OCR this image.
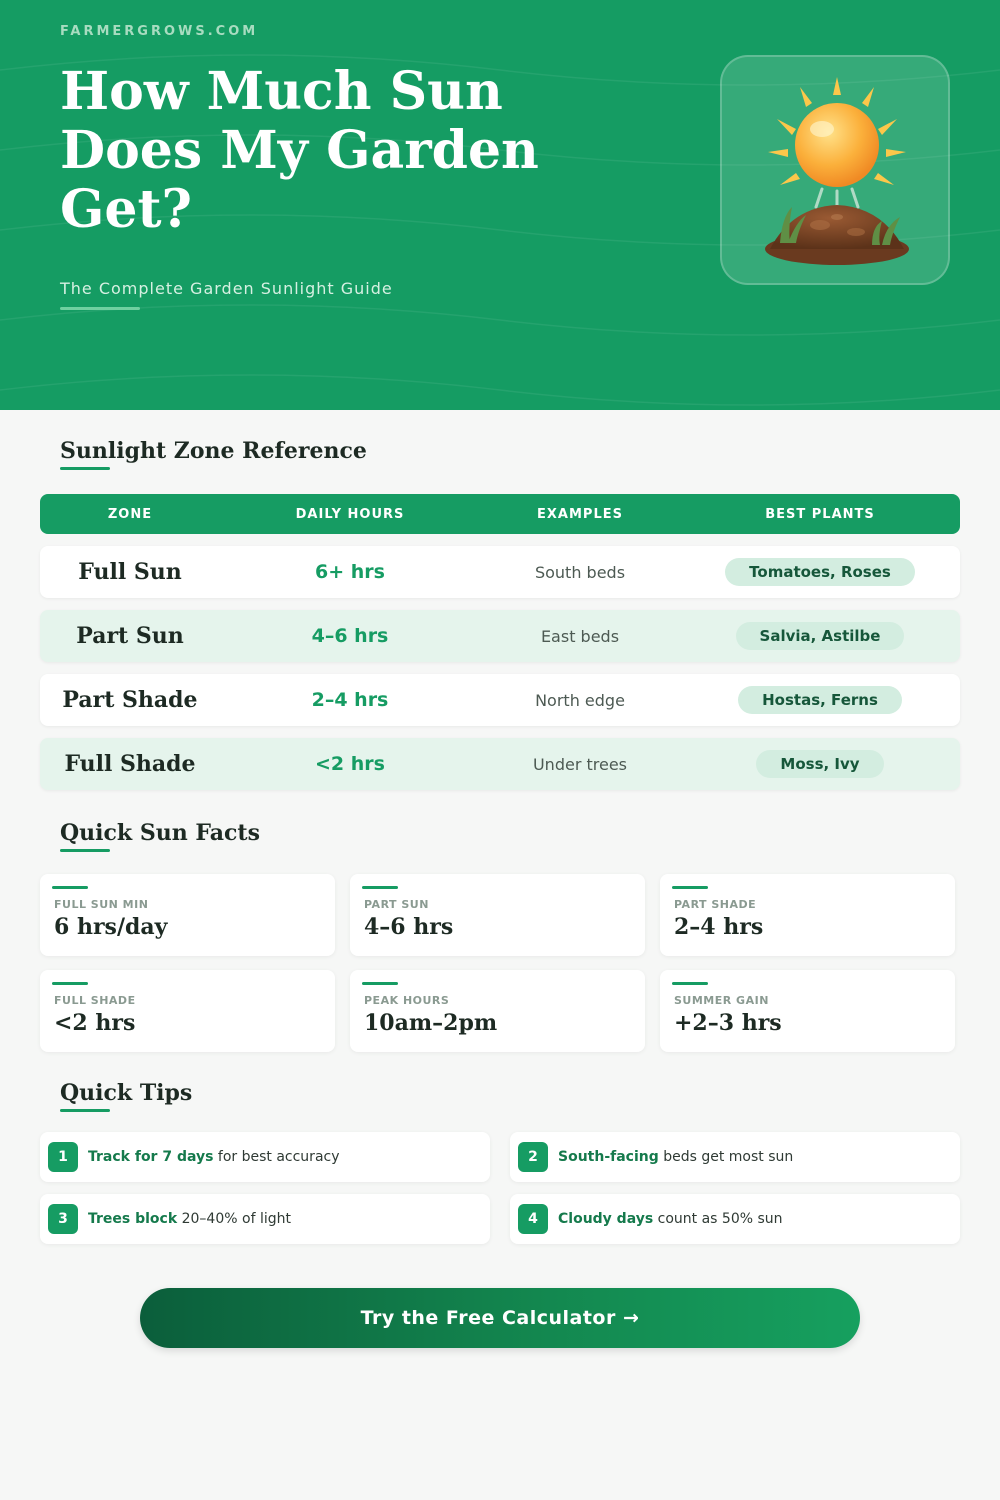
FARMERGROWS.COM
How Much Sun Does My Garden Get?
The Complete Garden Sunlight Guide
Sunlight Zone Reference
ZONE	DAILY HOURS	EXAMPLES	BEST PLANTS
Full Sun	6+ hrs	South beds	Tomatoes, Roses
Part Sun	4–6 hrs	East beds	Salvia, Astilbe
Part Shade	2–4 hrs	North edge	Hostas, Ferns
Full Shade	<2 hrs	Under trees	Moss, Ivy
Quick Sun Facts
FULL SUN MIN
6 hrs/day
PART SUN
4–6 hrs
PART SHADE
2–4 hrs
FULL SHADE
<2 hrs
PEAK HOURS
10am–2pm
SUMMER GAIN
+2–3 hrs
Quick Tips
1	Track for 7 days for best accuracy	2	South-facing beds get most sun
3	Trees block 20–40% of light	4	Cloudy days count as 50% sun
Try the Free Calculator →
